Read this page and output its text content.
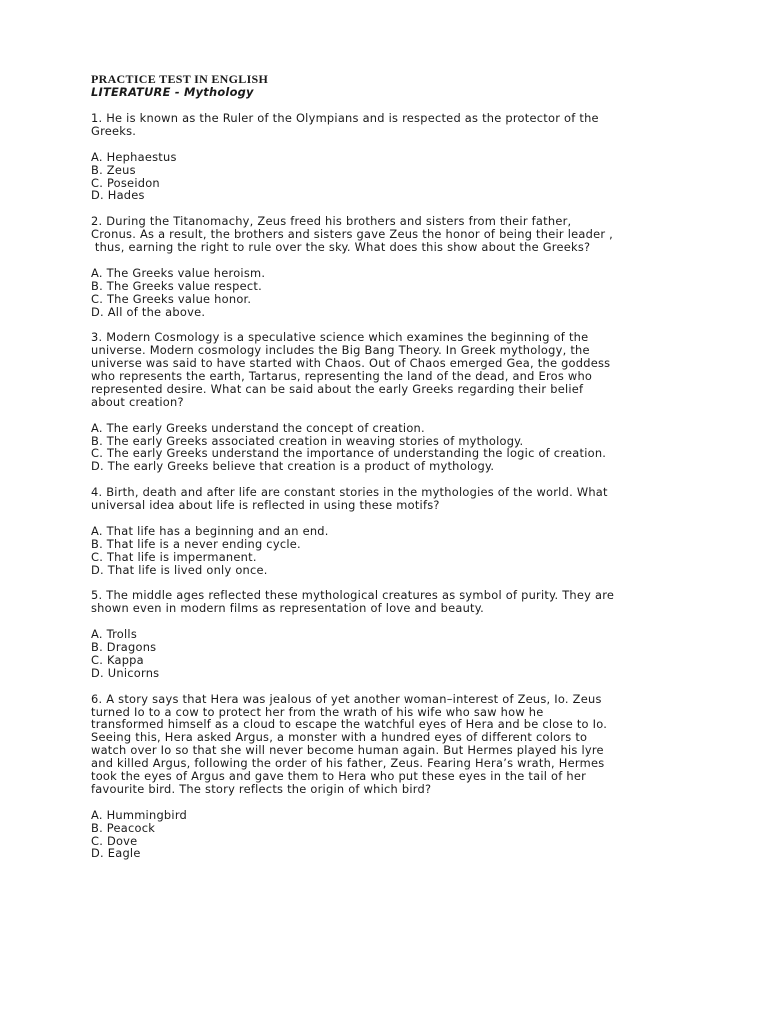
PRACTICE TEST IN ENGLISH
LITERATURE - Mythology
1. He is known as the Ruler of the Olympians and is respected as the protector of the
Greeks.
A. Hephaestus
B. Zeus
C. Poseidon
D. Hades
2. During the Titanomachy, Zeus freed his brothers and sisters from their father,
Cronus. As a result, the brothers and sisters gave Zeus the honor of being their leader ,
thus, earning the right to rule over the sky. What does this show about the Greeks?
A. The Greeks value heroism.
B. The Greeks value respect.
C. The Greeks value honor.
D. All of the above.
3. Modern Cosmology is a speculative science which examines the beginning of the
universe. Modern cosmology includes the Big Bang Theory. In Greek mythology, the
universe was said to have started with Chaos. Out of Chaos emerged Gea, the goddess
who represents the earth, Tartarus, representing the land of the dead, and Eros who
represented desire. What can be said about the early Greeks regarding their belief
about creation?
A. The early Greeks understand the concept of creation.
B. The early Greeks associated creation in weaving stories of mythology.
C. The early Greeks understand the importance of understanding the logic of creation.
D. The early Greeks believe that creation is a product of mythology.
4. Birth, death and after life are constant stories in the mythologies of the world. What
universal idea about life is reflected in using these motifs?
A. That life has a beginning and an end.
B. That life is a never ending cycle.
C. That life is impermanent.
D. That life is lived only once.
5. The middle ages reflected these mythological creatures as symbol of purity. They are
shown even in modern films as representation of love and beauty.
A. Trolls
B. Dragons
C. Kappa
D. Unicorns
6. A story says that Hera was jealous of yet another woman–interest of Zeus, Io. Zeus
turned Io to a cow to protect her from the wrath of his wife who saw how he
transformed himself as a cloud to escape the watchful eyes of Hera and be close to Io.
Seeing this, Hera asked Argus, a monster with a hundred eyes of different colors to
watch over Io so that she will never become human again. But Hermes played his lyre
and killed Argus, following the order of his father, Zeus. Fearing Hera’s wrath, Hermes
took the eyes of Argus and gave them to Hera who put these eyes in the tail of her
favourite bird. The story reflects the origin of which bird?
A. Hummingbird
B. Peacock
C. Dove
D. Eagle
